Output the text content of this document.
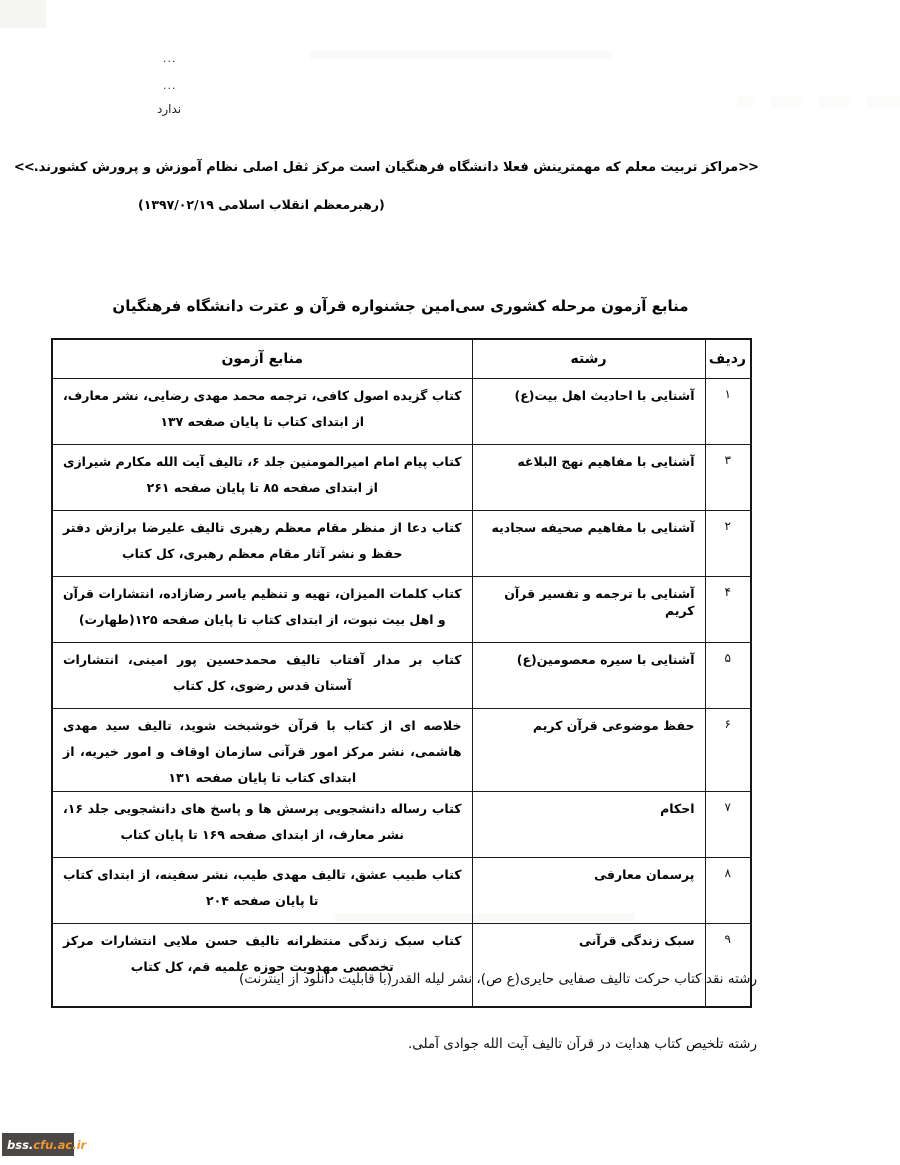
...
...
ندارد
>>
مراکز تربیت معلم که مهمترینش فعلا دانشگاه فرهنگیان است مرکز ثقل اصلی نظام آموزش و پرورش کشورند.
<<
(رهبرمعظم انقلاب اسلامی ۱۳۹۷/۰۲/۱۹)
منابع آزمون مرحله کشوری سی‌امین جشنواره قرآن و عترت دانشگاه فرهنگیان
ردیف	رشته	منابع آزمون
۱	آشنایی با احادیث اهل بیت(ع)	کتاب گزیده اصول کافی، ترجمه محمد مهدی رضایی، نشر معارف، از ابتدای کتاب تا پایان صفحه ۱۳۷
۳	آشنایی با مفاهیم نهج البلاغه	کتاب پیام امام امیرالمومنین جلد ۶، تالیف آیت الله مکارم شیرازی از ابتدای صفحه ۸۵ تا پایان صفحه ۲۶۱
۲	آشنایی با مفاهیم صحیفه سجادیه	کتاب دعا از منظر مقام معظم رهبری تالیف علیرضا برازش دفتر حفظ و نشر آثار مقام معظم رهبری، کل کتاب
۴	آشنایی با ترجمه و تفسیر قرآن کریم	کتاب کلمات المیزان، تهیه و تنظیم یاسر رضازاده، انتشارات قرآن و اهل بیت نبوت، از ابتدای کتاب تا پایان صفحه ۱۲۵(طهارت)
۵	آشنایی با سیره معصومین(ع)	کتاب بر مدار آفتاب تالیف محمدحسین پور امینی، انتشارات آستان قدس رضوی، کل کتاب
۶	حفظ موضوعی قرآن کریم	خلاصه ای از کتاب با قرآن خوشبخت شوید، تالیف سید مهدی هاشمی، نشر مرکز امور قرآنی سازمان اوقاف و امور خیریه، از ابتدای کتاب تا پایان صفحه ۱۳۱
۷	احکام	کتاب رساله دانشجویی پرسش ها و پاسخ های دانشجویی جلد ۱۶، نشر معارف، از ابتدای صفحه ۱۶۹ تا پایان کتاب
۸	پرسمان معارفی	کتاب طبیب عشق، تالیف مهدی طیب، نشر سفینه، از ابتدای کتاب تا پایان صفحه ۲۰۴
۹	سبک زندگی قرآنی	کتاب سبک زندگی منتظرانه تالیف حسن ملایی انتشارات مرکز تخصصی مهدویت حوزه علمیه قم، کل کتاب
رشته نقد کتاب حرکت تالیف صفایی حایری(ع ص)، نشر لیله القدر(با قابلیت دانلود از اینترنت)
رشته تلخیص کتاب هدایت در قرآن تالیف آیت الله جوادی آملی.
bss. cfu.ac.ir
